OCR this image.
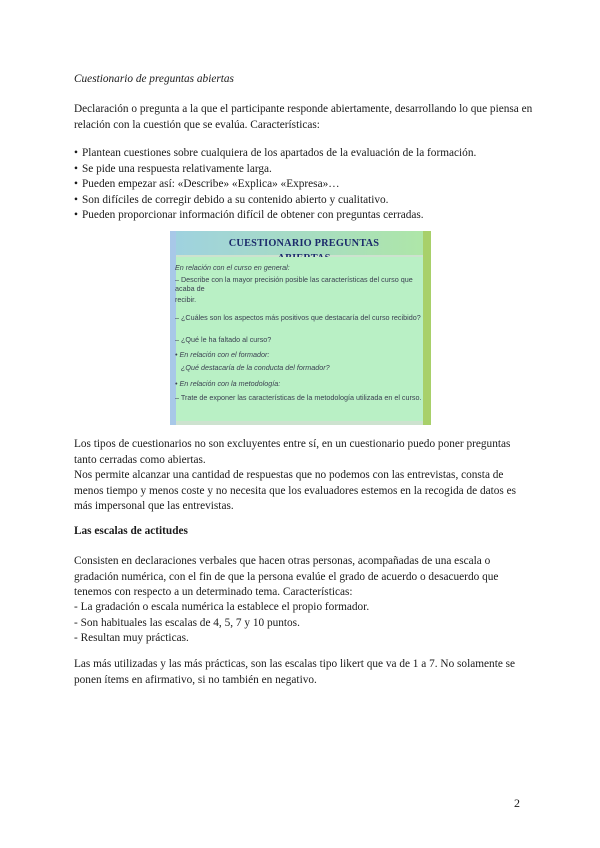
Cuestionario de preguntas abiertas

Declaración o pregunta a la que el participante responde abiertamente, desarrollando lo que piensa en relación con la cuestión que se evalúa. Características:

• Plantean cuestiones sobre cualquiera de los apartados de la evaluación de la formación.
• Se pide una respuesta relativamente larga.
• Pueden empezar así: «Describe» «Explica» «Expresa»…
• Son difíciles de corregir debido a su contenido abierto y cualitativo.
• Pueden proporcionar información difícil de obtener con preguntas cerradas.
CUESTIONARIO PREGUNTAS

En relación con el curso en general:

– Describe con la mayor precisión posible las características del curso que acaba de

recibir.

– ¿Cuáles son los aspectos más positivos que destacaría del curso recibido?

– ¿Qué le ha faltado al curso?

• En relación con el formador:

¿Qué destacaría de la conducta del formador?

• En relación con la metodología:

– Trate de exponer las características de la metodología utilizada en el curso.

Los tipos de cuestionarios no son excluyentes entre sí, en un cuestionario puedo poner preguntas tanto cerradas como abiertas.

Nos permite alcanzar una cantidad de respuestas que no podemos con las entrevistas, consta de menos tiempo y menos coste y no necesita que los evaluadores estemos en la recogida de datos es más impersonal que las entrevistas.

Las escalas de actitudes

Consisten en declaraciones verbales que hacen otras personas, acompañadas de una escala o gradación numérica, con el fin de que la persona evalúe el grado de acuerdo o desacuerdo que tenemos con respecto a un determinado tema. Características:

- La gradación o escala numérica la establece el propio formador.
- Son habituales las escalas de 4, 5, 7 y 10 puntos.
- Resultan muy prácticas.

Las más utilizadas y las más prácticas, son las escalas tipo likert que va de 1 a 7. No solamente se ponen ítems en afirmativo, si no también en negativo.

2
